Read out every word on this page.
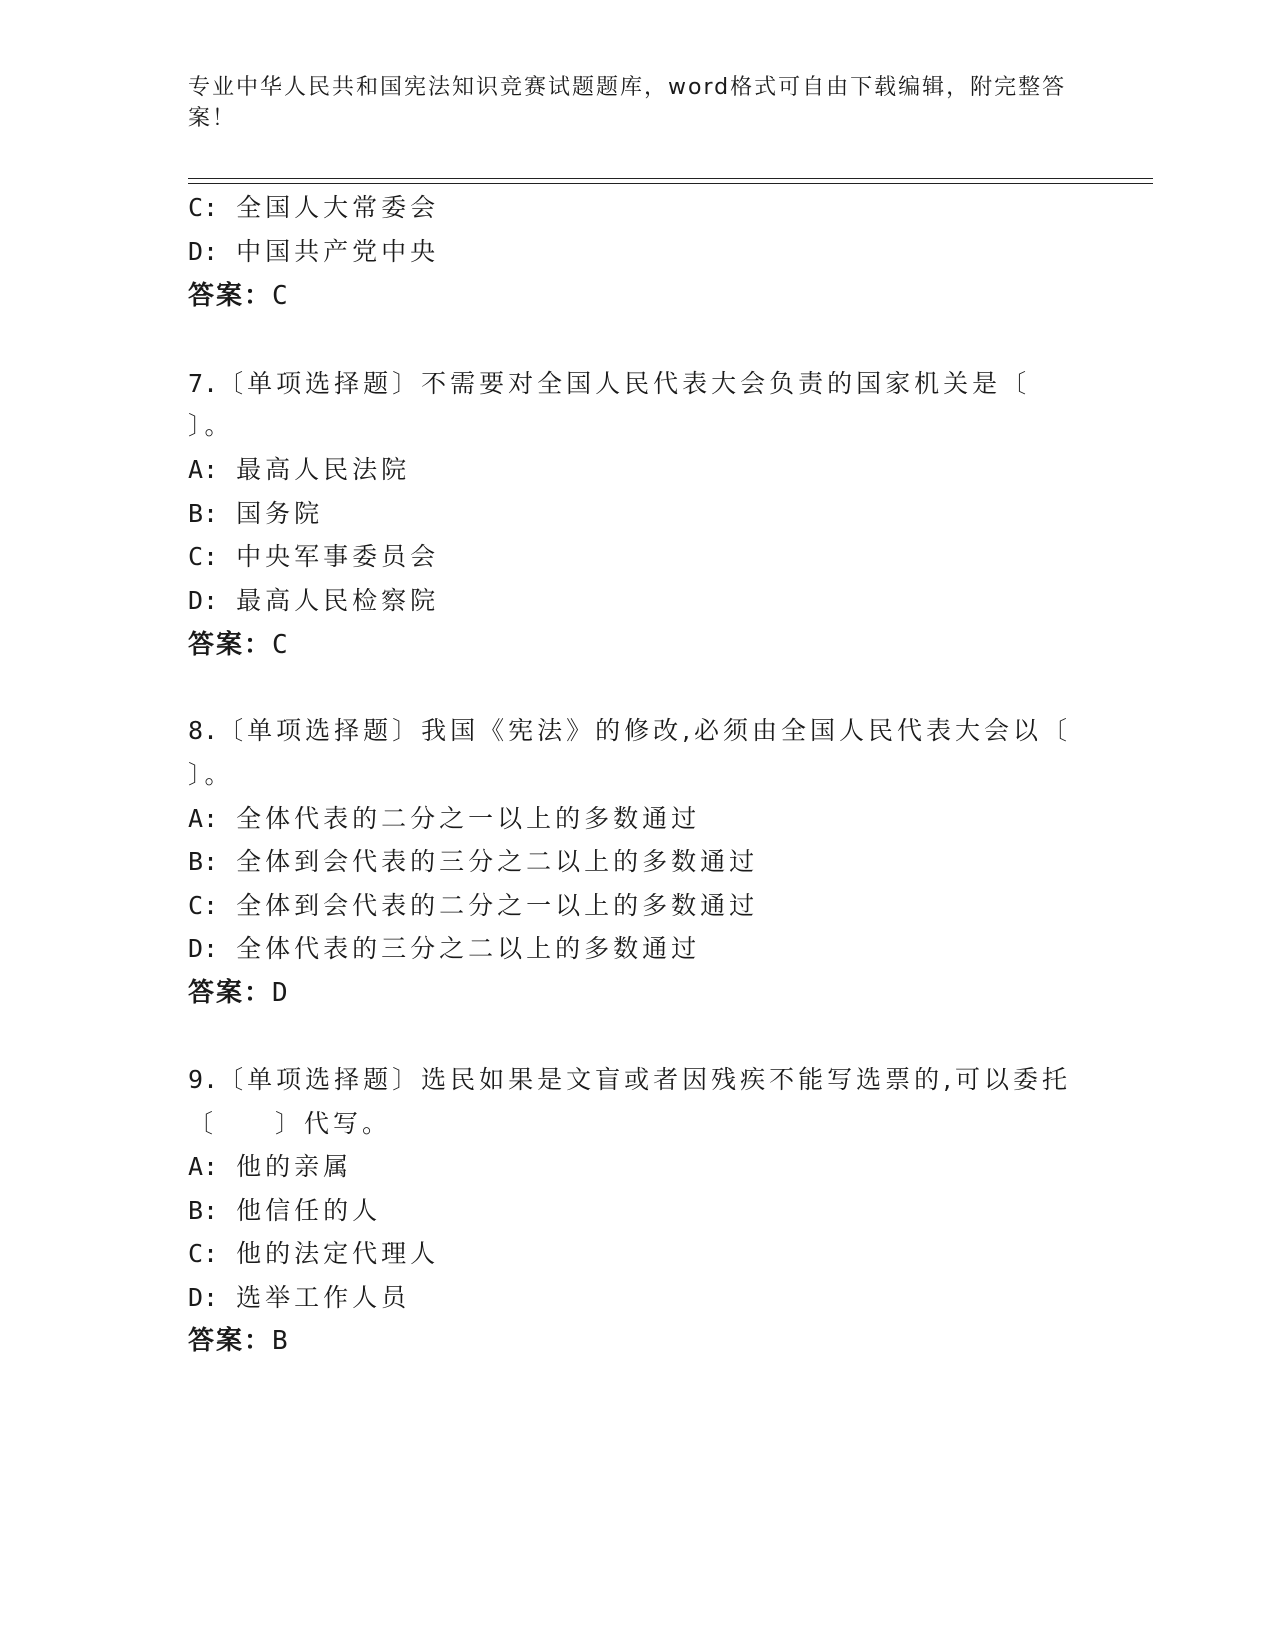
专业中华人民共和国宪法知识竞赛试题题库，word格式可自由下载编辑，附完整答案！
C: 全国人大常委会
D: 中国共产党中央
答案：C
7.〔单项选择题〕不需要对全国人民代表大会负责的国家机关是〔
〕。
A: 最高人民法院
B: 国务院
C: 中央军事委员会
D: 最高人民检察院
答案：C
8.〔单项选择题〕我国《宪法》的修改,必须由全国人民代表大会以〔
〕。
A: 全体代表的二分之一以上的多数通过
B: 全体到会代表的三分之二以上的多数通过
C: 全体到会代表的二分之一以上的多数通过
D: 全体代表的三分之二以上的多数通过
答案：D
9.〔单项选择题〕选民如果是文盲或者因残疾不能写选票的,可以委托
〔　　〕代写。
A: 他的亲属
B: 他信任的人
C: 他的法定代理人
D: 选举工作人员
答案：B
